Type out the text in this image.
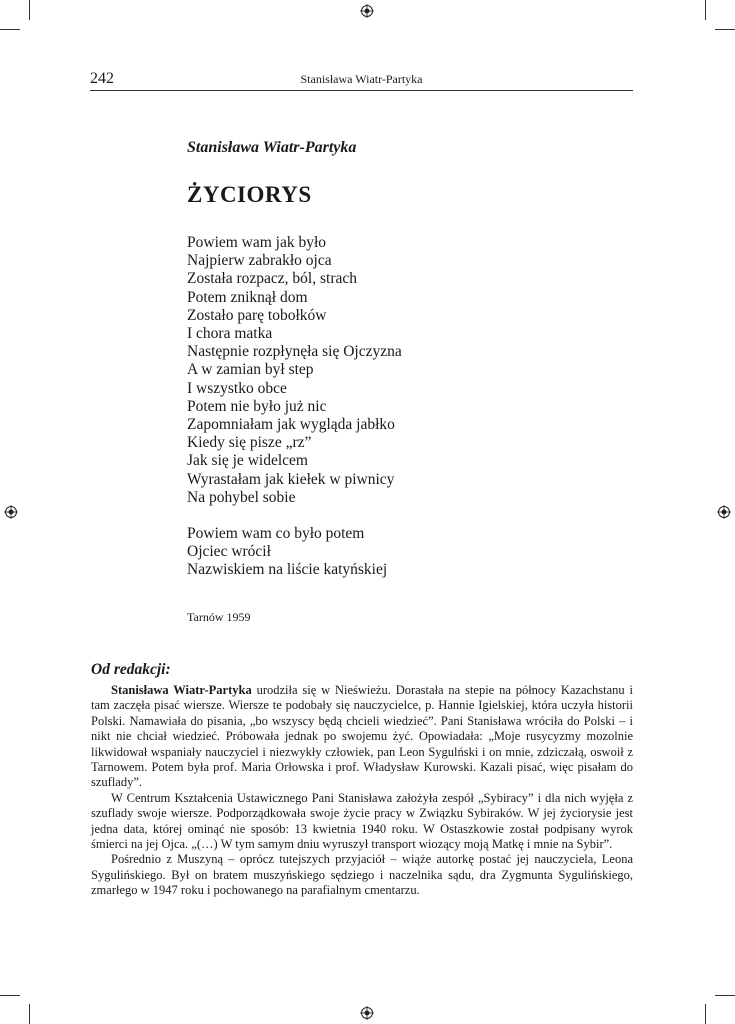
242	Stanisława Wiatr-Partyka
Stanisława Wiatr-Partyka
ŻYCIORYS
Powiem wam jak było
Najpierw zabrakło ojca
Została rozpacz, ból, strach
Potem zniknął dom
Zostało parę tobołków
I chora matka
Następnie rozpłynęła się Ojczyzna
A w zamian był step
I wszystko obce
Potem nie było już nic
Zapomniałam jak wygląda jabłko
Kiedy się pisze „rz”
Jak się je widelcem
Wyrastałam jak kiełek w piwnicy
Na pohybel sobie
Powiem wam co było potem
Ojciec wrócił
Nazwiskiem na liście katyńskiej
Tarnów 1959
Od redakcji:

Stanisława Wiatr-Partyka urodziła się w Nieświeżu. Dorastała na stepie na północy Kazachstanu i tam zaczęła pisać wiersze. Wiersze te podobały się nauczycielce, p. Hannie Igielskiej, która uczyła historii Polski. Namawiała do pisania, „bo wszyscy będą chcieli wiedzieć”. Pani Stanisława wróciła do Polski – i nikt nie chciał wiedzieć. Próbowała jednak po swojemu żyć. Opowiadała: „Moje rusycyzmy mozolnie likwidował wspaniały nauczyciel i niezwykły człowiek, pan Leon Sygulński i on mnie, zdziczałą, oswoił z Tarnowem. Potem była prof. Maria Orłowska i prof. Władysław Kurowski. Kazali pisać, więc pisałam do szuflady”.

W Centrum Kształcenia Ustawicznego Pani Stanisława założyła zespół „Sybiracy” i dla nich wyjęła z szuflady swoje wiersze. Podporządkowała swoje życie pracy w Związku Sybiraków. W jej życiorysie jest jedna data, której ominąć nie sposób: 13 kwietnia 1940 roku. W Ostaszkowie został podpisany wyrok śmierci na jej Ojca. „(…) W tym samym dniu wyruszył transport wiozący moją Matkę i mnie na Sybir”.

Pośrednio z Muszyną – oprócz tutejszych przyjaciół – wiąże autorkę postać jej nauczyciela, Leona Sygulińskiego. Był on bratem muszyńskiego sędziego i naczelnika sądu, dra Zygmunta Sygulińskiego, zmarłego w 1947 roku i pochowanego na parafialnym cmentarzu.
